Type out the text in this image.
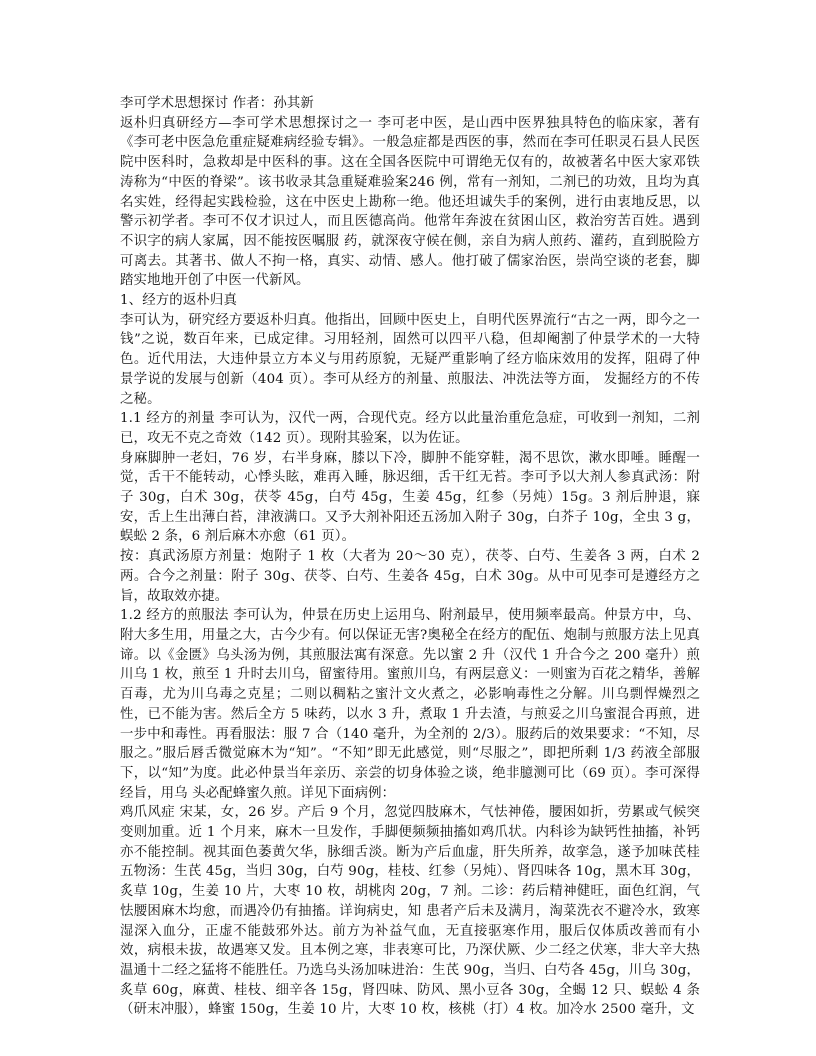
李可学术思想探讨 作者：孙其新

返朴归真研经方—李可学术思想探讨之一 李可老中医，是山西中医界独具特色的临床家，著有《李可老中医急危重症疑难病经验专辑》。一般急症都是西医的事，然而在李可任职灵石县人民医院中医科时，急救却是中医科的事。这在全国各医院中可谓绝无仅有的，故被著名中医大家邓铁涛称为“中医的脊梁”。该书收录其急重疑难验案246 例，常有一剂知，二剂已的功效，且均为真名实姓，经得起实践检验，这在中医史上勘称一绝。他还坦诚失手的案例，进行由衷地反思，以警示初学者。李可不仅才识过人，而且医德高尚。他常年奔波在贫困山区，救治穷苦百姓。遇到不识字的病人家属，因不能按医嘱服 药，就深夜守候在侧，亲自为病人煎药、灌药，直到脱险方可离去。其著书、做人不拘一格，真实、动情、感人。他打破了儒家治医，崇尚空谈的老套，脚踏实地地开创了中医一代新风。

1、经方的返朴归真

李可认为，研究经方要返朴归真。他指出，回顾中医史上，自明代医界流行“古之一两，即今之一钱”之说，数百年来，已成定律。习用轻剂，固然可以四平八稳，但却阉割了仲景学术的一大特色。近代用法，大违仲景立方本义与用药原貌，无疑严重影响了经方临床效用的发挥，阻碍了仲景学说的发展与创新（404 页）。李可从经方的剂量、煎服法、冲洗法等方面， 发掘经方的不传之秘。

1.1 经方的剂量 李可认为，汉代一两，合现代克。经方以此量治重危急症，可收到一剂知，二剂已，攻无不克之奇效（142 页）。现附其验案，以为佐证。

身麻脚肿一老妇，76 岁，右半身麻，膝以下冷，脚肿不能穿鞋，渴不思饮，漱水即唾。睡醒一觉，舌干不能转动，心悸头眩，难再入睡，脉迟细，舌干红无苔。李可予以大剂人参真武汤：附子 30g，白术 30g，茯苓 45g，白芍 45g，生姜 45g，红参（另炖）15g。3 剂后肿退，寐安，舌上生出薄白苔，津液满口。又予大剂补阳还五汤加入附子 30g，白芥子 10g，全虫 3 g，蜈蚣 2 条，6 剂后麻木亦愈（61 页）。

按：真武汤原方剂量：炮附子 1 枚（大者为 20～30 克），茯苓、白芍、生姜各 3 两，白术 2 两。合今之剂量：附子 30g、茯苓、白芍、生姜各 45g，白术 30g。从中可见李可是遵经方之旨，故取效亦捷。

1.2 经方的煎服法 李可认为，仲景在历史上运用乌、附剂最早，使用频率最高。仲景方中，乌、附大多生用，用量之大，古今少有。何以保证无害?奥秘全在经方的配伍、炮制与煎服方法上见真谛。以《金匮》乌头汤为例，其煎服法寓有深意。先以蜜 2 升（汉代 1 升合今之 200 毫升）煎川乌 1 枚，煎至 1 升时去川乌，留蜜待用。蜜煎川乌，有两层意义：一则蜜为百花之精华，善解百毒，尤为川乌毒之克星；二则以稠粘之蜜汁文火煮之，必影响毒性之分解。川乌剽悍燥烈之性，已不能为害。然后全方 5 味药，以水 3 升，煮取 1 升去渣，与煎妥之川乌蜜混合再煎，进一步中和毒性。再看服法：服 7 合（140 毫升，为全剂的 2/3）。服药后的效果要求：“不知，尽服之。”服后唇舌微觉麻木为“知”。“不知”即无此感觉，则“尽服之”，即把所剩 1/3 药液全部服下，以“知”为度。此必仲景当年亲历、亲尝的切身体验之谈，绝非臆测可比（69 页）。李可深得经旨，用乌 头必配蜂蜜久煎。详见下面病例：

鸡爪风症 宋某，女，26 岁。产后 9 个月，忽觉四肢麻木，气怯神倦，腰困如折，劳累或气候突变则加重。近 1 个月来，麻木一旦发作，手脚便频频抽搐如鸡爪状。内科诊为缺钙性抽搐，补钙亦不能控制。视其面色萎黄欠华，脉细舌淡。断为产后血虚，肝失所养，故挛急，遂予加味芪桂五物汤：生芪 45g，当归 30g，白芍 90g，桂枝、红参（另炖）、肾四味各 10g，黑木耳 30g，炙草 10g，生姜 10 片，大枣 10 枚，胡桃肉 20g，7 剂。二诊：药后精神健旺，面色红润，气怯腰困麻木均愈，而遇冷仍有抽搐。详询病史，知 患者产后未及满月，淘菜洗衣不避冷水，致寒湿深入血分，正虚不能鼓邪外达。前方为补益气血，无直接驱寒作用，服后仅体质改善而有小效，病根未拔，故遇寒又发。且本例之寒，非表寒可比，乃深伏厥、少二经之伏寒，非大辛大热温通十二经之猛将不能胜任。乃选乌头汤加味进治：生芪 90g，当归、白芍各 45g，川乌 30g，炙草 60g，麻黄、桂枝、细辛各 15g，肾四味、防风、黑小豆各 30g，全蝎 12 只、蜈蚣 4 条（研末冲服），蜂蜜 150g，生姜 10 片，大枣 10 枚，核桃（打）4 枚。加冷水 2500 毫升，文
